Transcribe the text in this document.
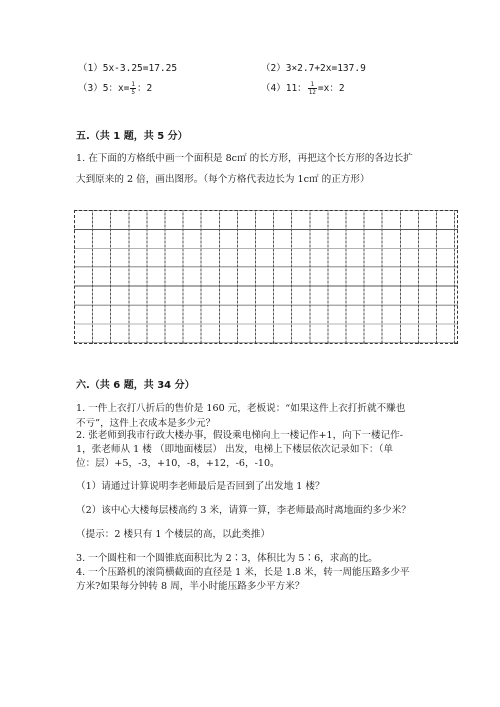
（1）5x-3.25=17.25	（2）3×2.7+2x=137.9
（3）5：$x= \frac{1}{5}$ ：2	（4）11： $\frac{1}{12} =x$：2
五.（共 1 题，共 5 分）
1. 在下面的方格纸中画一个面积是 8c㎡ 的长方形，再把这个长方形的各边长扩
大到原来的 2 倍，画出图形。（每个方格代表边长为 1c㎡ 的正方形）
六.（共 6 题，共 34 分）
1. 一件上衣打八折后的售价是 160 元，老板说：“如果这件上衣打折就不赚也
不亏”，这件上衣成本是多少元？
2. 张老师到我市行政大楼办事，假设乘电梯向上一楼记作+1，向下一楼记作-
1，张老师从 1 楼 （即地面楼层） 出发，电梯上下楼层依次记录如下：（单
位：层）+5，-3，+10，-8，+12，-6，-10。
（1）请通过计算说明李老师最后是否回到了出发地 1 楼？
（2）该中心大楼每层楼高约 3 米，请算一算，李老师最高时离地面约多少米？
（提示：2 楼只有 1 个楼层的高，以此类推）
3. 一个圆柱和一个圆锥底面积比为 2∶3，体积比为 5∶6，求高的比。
4. 一个压路机的滚筒横截面的直径是 1 米，长是 1.8 米，转一周能压路多少平
方米?如果每分钟转 8 周，半小时能压路多少平方米？
